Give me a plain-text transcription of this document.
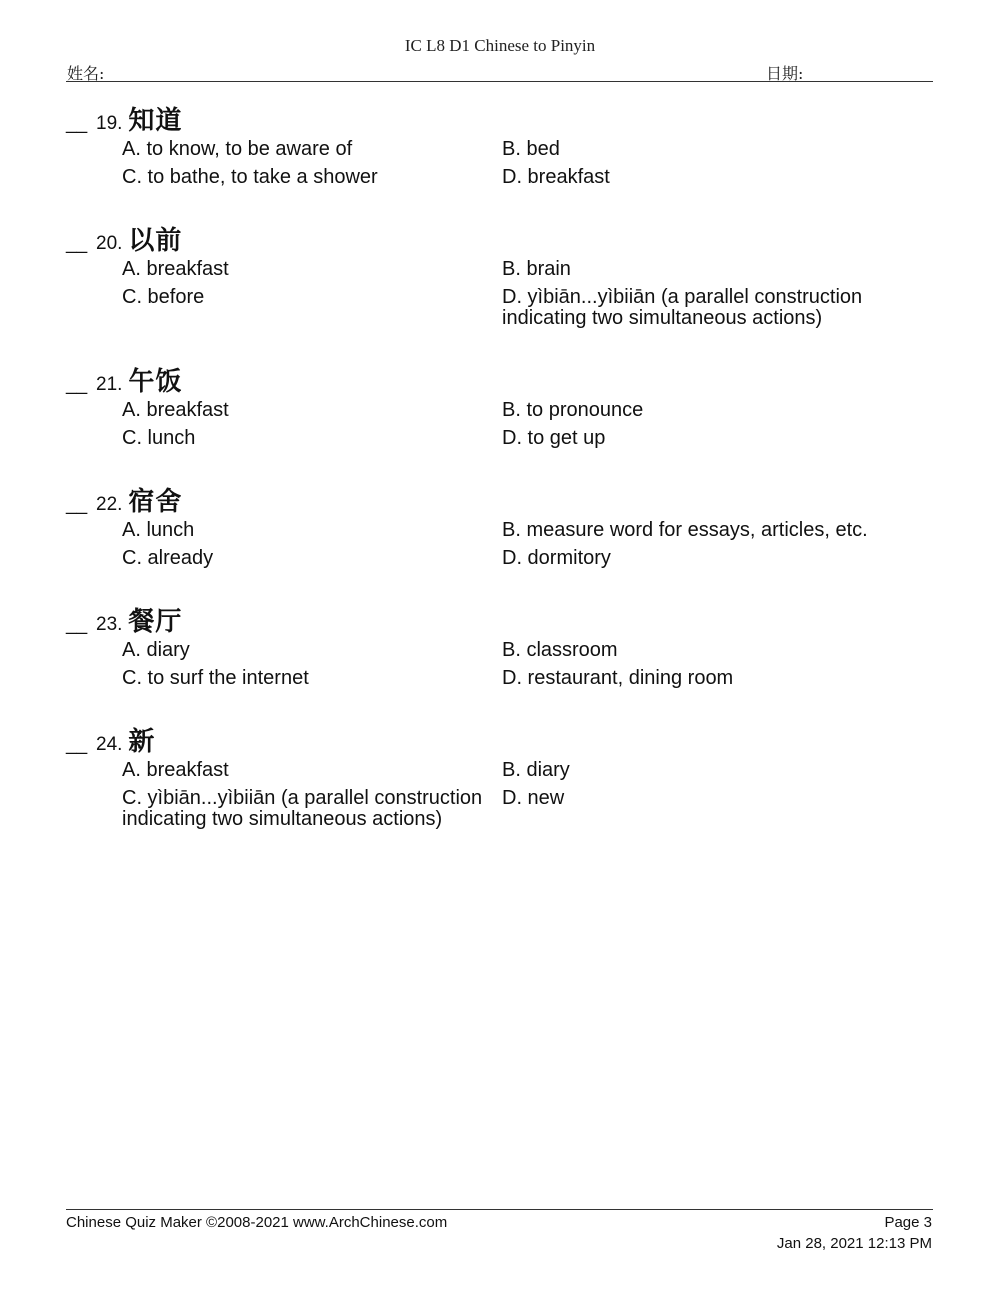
IC L8 D1 Chinese to Pinyin
姓名:	日期:
__ 19. 知道
A. to know, to be aware of	B. bed
C. to bathe, to take a shower	D. breakfast
__ 20. 以前
A. breakfast	B. brain
C. before	D. yìbiān...yìbiiān (a parallel construction indicating two simultaneous actions)
__ 21. 午饭
A. breakfast	B. to pronounce
C. lunch	D. to get up
__ 22. 宿舍
A. lunch	B. measure word for essays, articles, etc.
C. already	D. dormitory
__ 23. 餐厅
A. diary	B. classroom
C. to surf the internet	D. restaurant, dining room
__ 24. 新
A. breakfast	B. diary
C. yìbiān...yìbiiān (a parallel construction indicating two simultaneous actions)
D. new
Chinese Quiz Maker ©2008-2021 www.ArchChinese.com	Page 3
Jan 28, 2021 12:13 PM
